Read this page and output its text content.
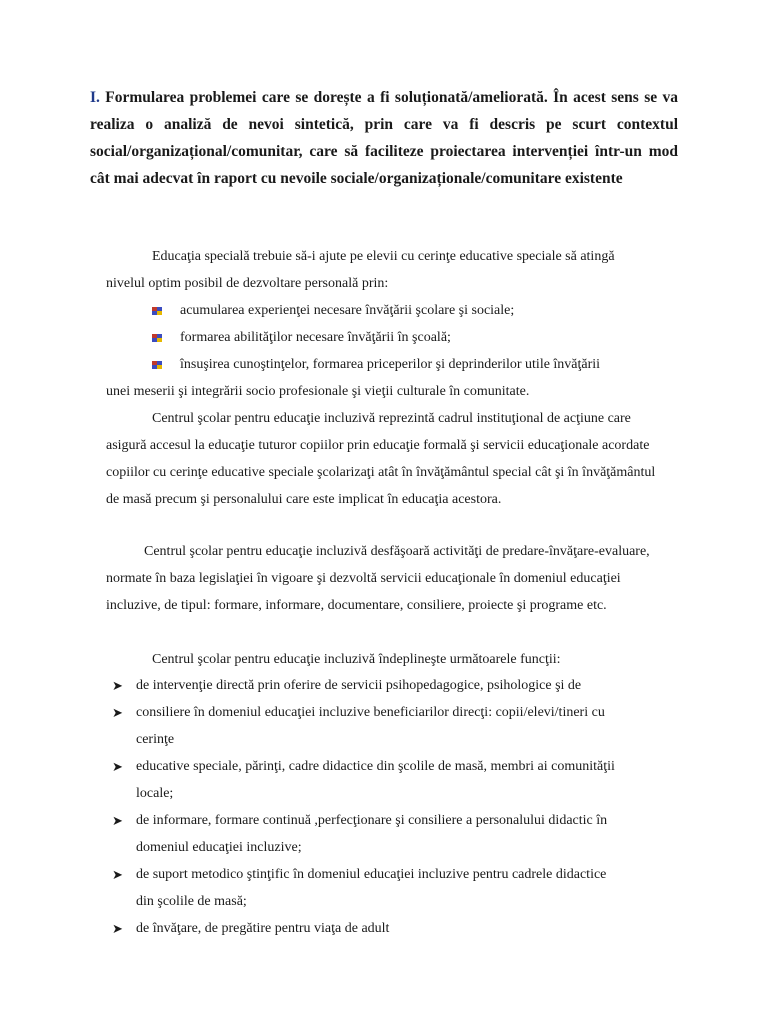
I. Formularea problemei care se dorește a fi soluționată/ameliorată. În acest sens se va realiza o analiză de nevoi sintetică, prin care va fi descris pe scurt contextul social/organizațional/comunitar, care să faciliteze proiectarea intervenției într-un mod cât mai adecvat în raport cu nevoile sociale/organizaționale/comunitare existente
Educaţia specială trebuie să-i ajute pe elevii cu cerinţe educative speciale să atingă
nivelul optim posibil de dezvoltare personală prin:
acumularea experienţei necesare învăţării şcolare şi sociale;
formarea abilităţilor necesare învăţării în şcoală;
însuşirea cunoştinţelor, formarea priceperilor şi deprinderilor utile învăţării
unei meserii şi integrării socio profesionale şi vieţii culturale în comunitate.
Centrul şcolar pentru educaţie incluzivă reprezintă cadrul instituţional de acţiune care asigură accesul la educaţie tuturor copiilor prin educaţie formală şi servicii educaţionale acordate copiilor cu cerinţe educative speciale şcolarizaţi atât în învăţământul special cât şi în învăţământul de masă precum şi personalului care este implicat în educaţia acestora.
Centrul şcolar pentru educaţie incluzivă desfăşoară activităţi de predare-învăţare-evaluare, normate în baza legislaţiei în vigoare şi dezvoltă servicii educaţionale în domeniul educaţiei incluzive, de tipul: formare, informare, documentare, consiliere, proiecte şi programe etc.
Centrul şcolar pentru educaţie incluzivă îndeplineşte următoarele funcţii:
➤ de intervenţie directă prin oferire de servicii psihopedagogice, psihologice şi de
➤ consiliere în domeniul educaţiei incluzive beneficiarilor direcţi: copii/elevi/tineri cu
cerinţe
➤ educative speciale, părinţi, cadre didactice din şcolile de masă, membri ai comunităţii
locale;
➤ de informare, formare continuă ,perfecţionare şi consiliere a personalului didactic în
domeniul educaţiei incluzive;
➤ de suport metodico ştinţific în domeniul educaţiei incluzive pentru cadrele didactice
din şcolile de masă;
➤ de învăţare, de pregătire pentru viaţa de adult
